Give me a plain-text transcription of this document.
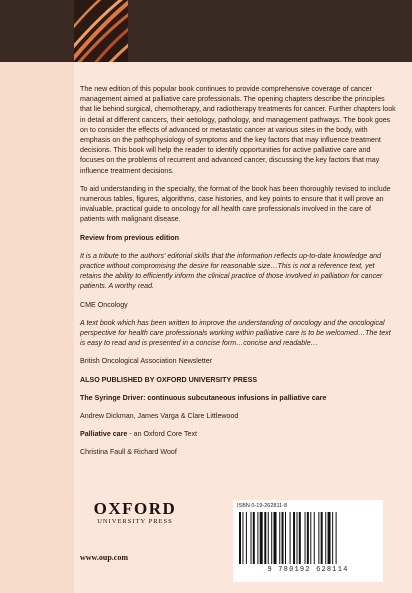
The new edition of this popular book continues to provide comprehensive coverage of cancer management aimed at palliative care professionals. The opening chapters describe the principles that lie behind surgical, chemotherapy, and radiotherapy treatments for cancer. Further chapters look in detail at different cancers, their aetiology, pathology, and management pathways. The book goes on to consider the effects of advanced or metastatic cancer at various sites in the body, with emphasis on the pathophysiology of symptoms and the key factors that may influence treatment decisions. This book will help the reader to identify opportunities for active palliative care and focuses on the problems of recurrent and advanced cancer, discussing the key factors that may influence treatment decisions.

To aid understanding in the specialty, the format of the book has been thoroughly revised to include numerous tables, figures, algorithms, case histories, and key points to ensure that it will prove an invaluable, practical guide to oncology for all health care professionals involved in the care of patients with malignant disease.

Review from previous edition

It is a tribute to the authors' editorial skills that the information reflects up-to-date knowledge and practice without compromising the desire for reasonable size…This is not a reference text, yet retains the ability to efficiently inform the clinical practice of those involved in palliation for cancer patients. A worthy read.

CME Oncology

A text book which has been written to improve the understanding of oncology and the oncological perspective for health care professionals working within palliative care is to be welcomed…The text is easy to read and is presented in a concise form…concise and readable…

British Oncological Association Newsletter

ALSO PUBLISHED BY OXFORD UNIVERSITY PRESS

The Syringe Driver: continuous subcutaneous infusions in palliative care

Andrew Dickman, James Varga & Clare Littlewood

Palliative care - an Oxford Core Text

Christina Faull & Richard Woof

OXFORD
UNIVERSITY PRESS
www.oup.com
ISBN 0-19-262811-8
9 780192 628114
